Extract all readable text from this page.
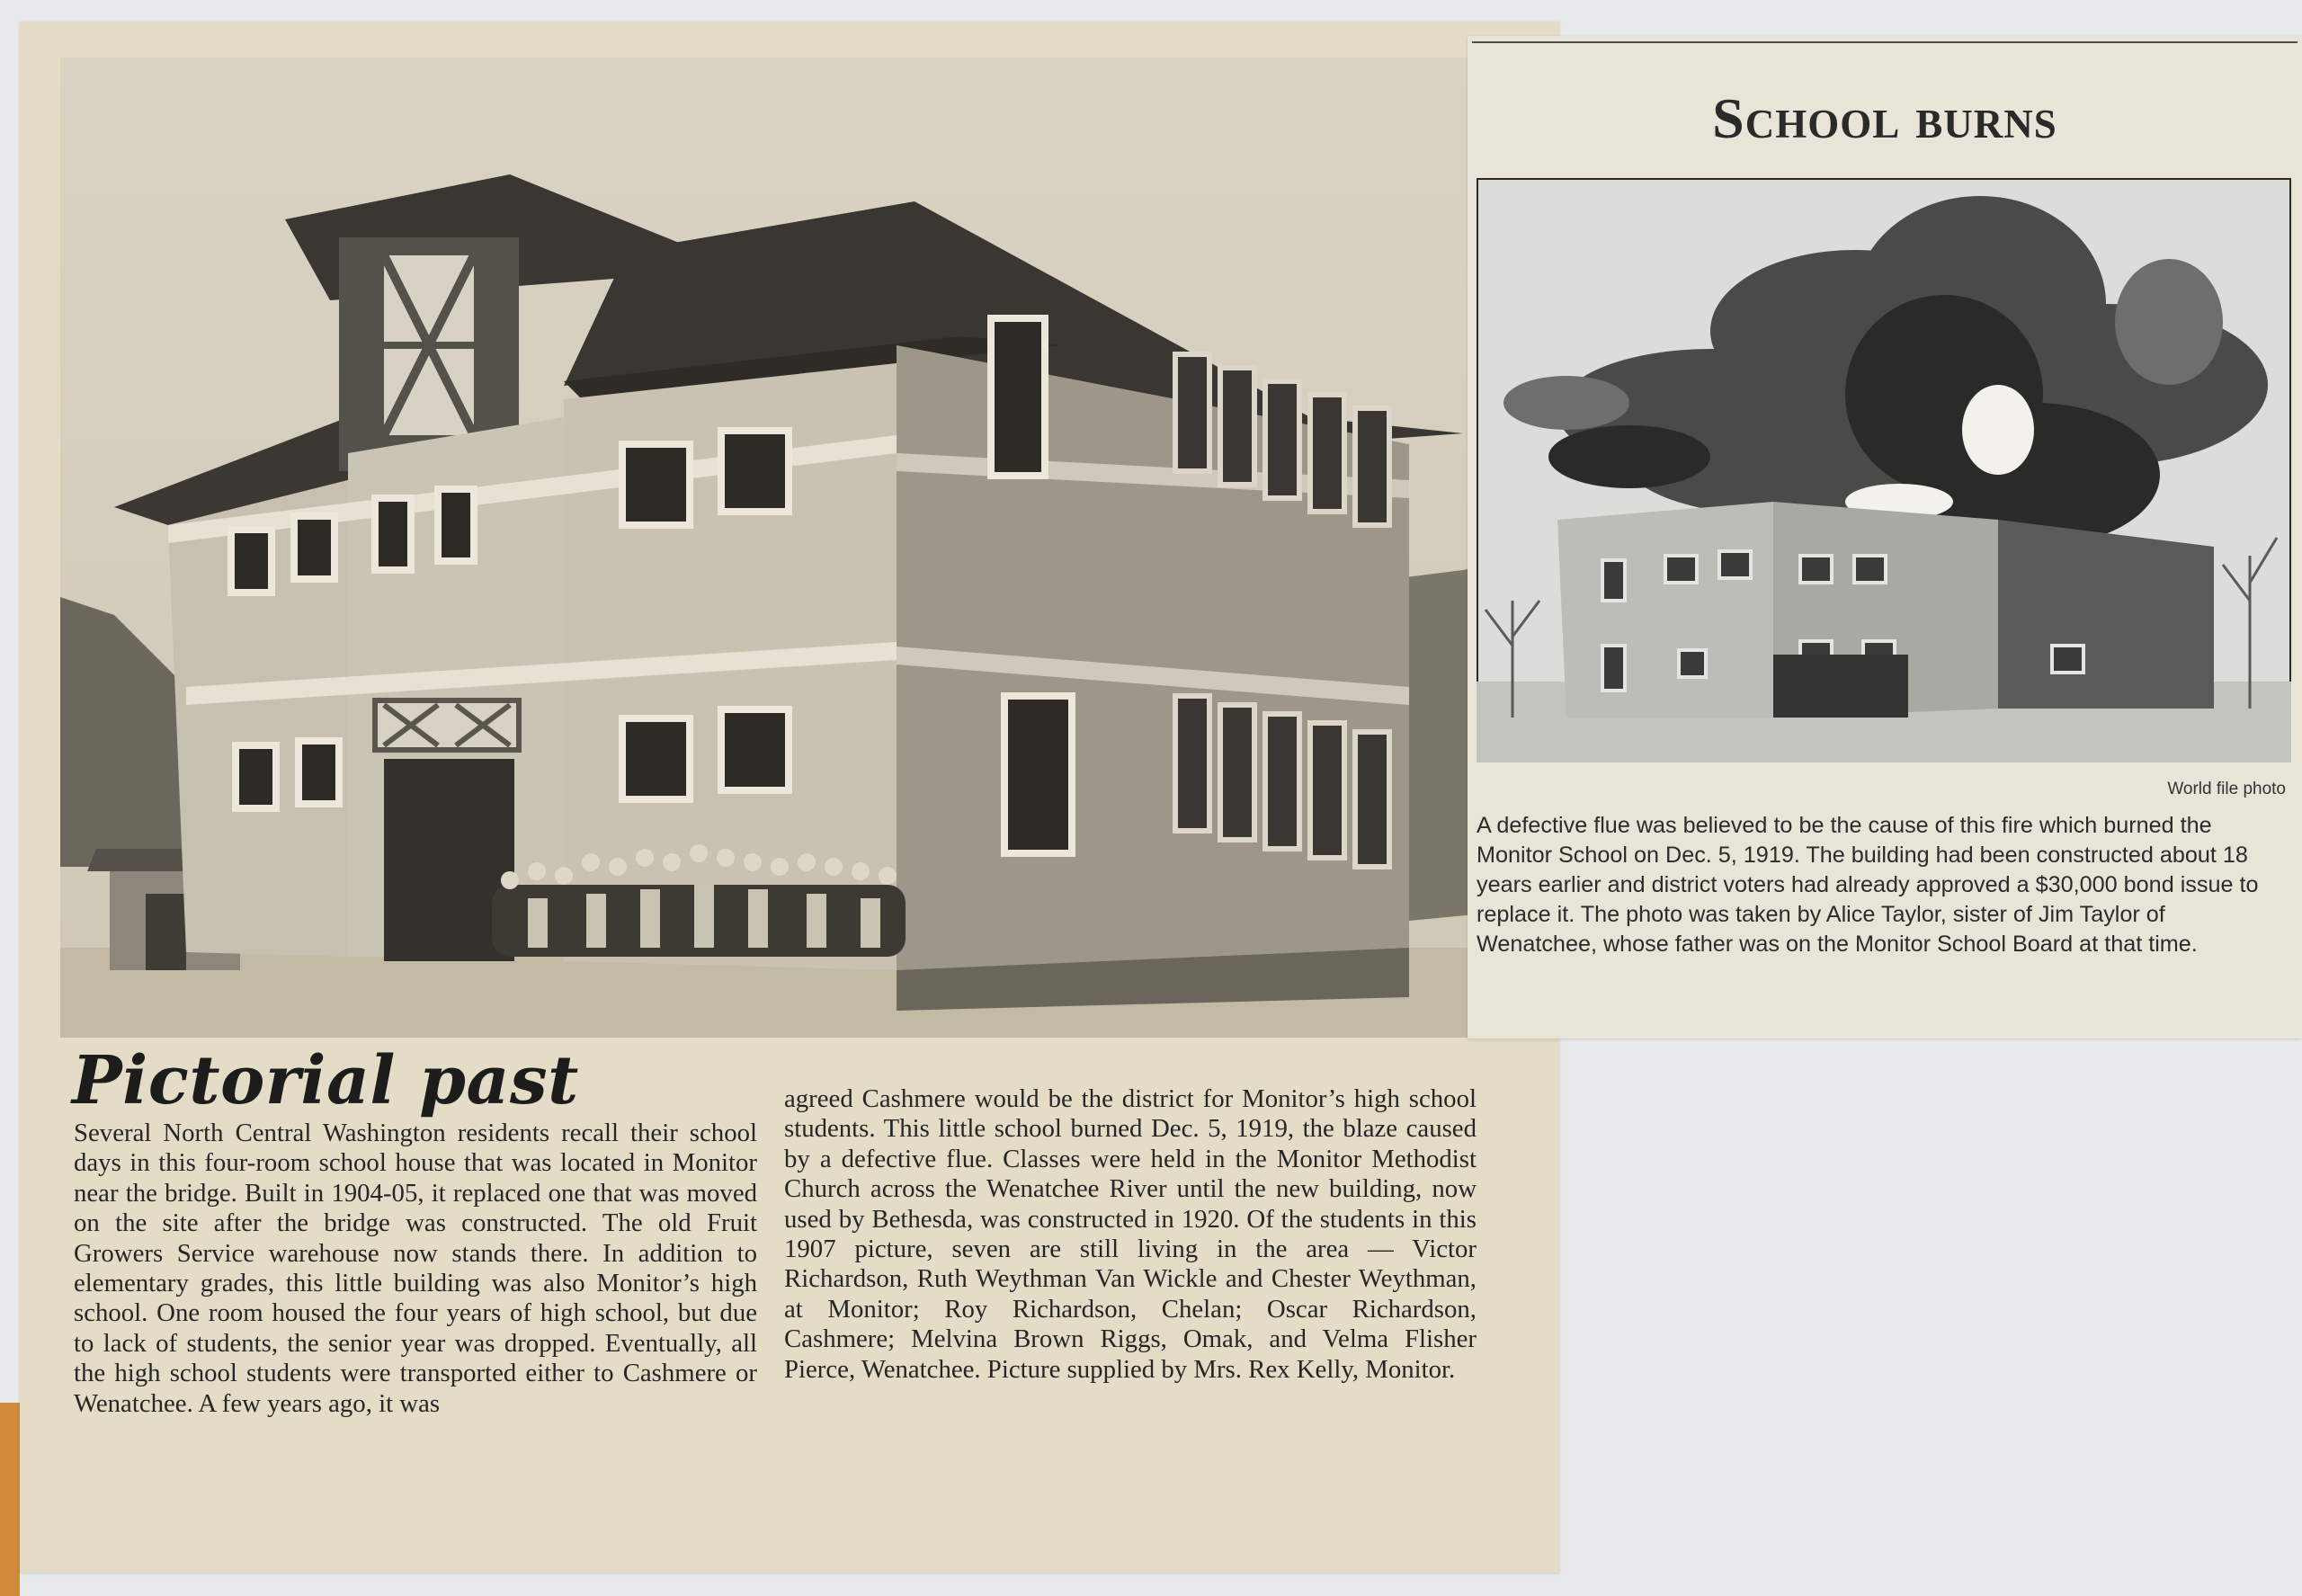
Pictorial past

Several North Central Washington residents recall their school days in this four-room school house that was located in Monitor near the bridge. Built in 1904-05, it replaced one that was moved on the site after the bridge was constructed. The old Fruit Growers Service warehouse now stands there. In addition to elementary grades, this little building was also Monitor’s high school. One room housed the four years of high school, but due to lack of students, the senior year was dropped. Eventually, all the high school students were transported either to Cashmere or Wenatchee. A few years ago, it was

agreed Cashmere would be the district for Monitor’s high school students. This little school burned Dec. 5, 1919, the blaze caused by a defective flue. Classes were held in the Monitor Methodist Church across the Wenatchee River until the new building, now used by Bethesda, was constructed in 1920. Of the students in this 1907 picture, seven are still living in the area — Victor Richardson, Ruth Weythman Van Wickle and Chester Weythman, at Monitor; Roy Richardson, Chelan; Oscar Richardson, Cashmere; Melvina Brown Riggs, Omak, and Velma Flisher Pierce, Wenatchee. Picture supplied by Mrs. Rex Kelly, Monitor.

School burns

World file photo

A defective flue was believed to be the cause of this fire which burned the Monitor School on Dec. 5, 1919. The building had been constructed about 18 years earlier and district voters had already approved a $30,000 bond issue to replace it. The photo was taken by Alice Taylor, sister of Jim Taylor of Wenatchee, whose father was on the Monitor School Board at that time.
